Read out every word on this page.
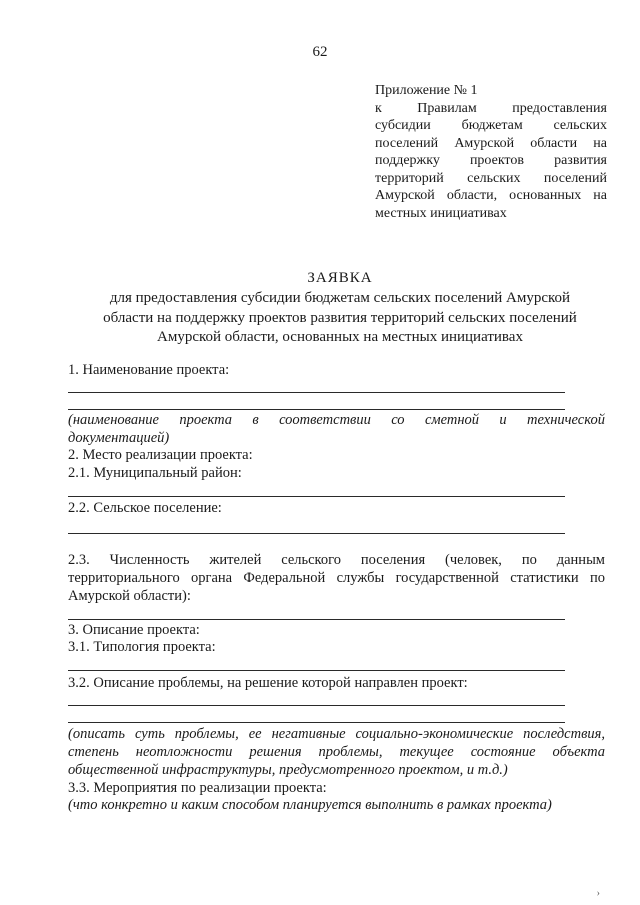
62
Приложение № 1
к	Правилам	предоставления
субсидии бюджетам сельских
поселений Амурской области на
поддержку проектов развития
территорий сельских поселений
Амурской области, основанных на
местных инициативах
ЗАЯВКА
для предоставления субсидии бюджетам сельских поселений Амурской
области на поддержку проектов развития территорий сельских поселений
Амурской области, основанных на местных инициативах
1. Наименование проекта:
(наименование проекта в соответствии со сметной и технической
документацией)
2. Место реализации проекта:
2.1. Муниципальный район:
2.2. Сельское поселение:
2.3. Численность жителей сельского поселения (человек, по данным
территориального органа Федеральной службы государственной статистики по
Амурской области):
3. Описание проекта:
3.1. Типология проекта:
3.2. Описание проблемы, на решение которой направлен проект:
(описать суть проблемы, ее негативные социально-экономические последствия,
степень неотложности решения проблемы, текущее состояние объекта
общественной инфраструктуры, предусмотренного проектом, и т.д.)
3.3. Мероприятия по реализации проекта:
(что конкретно и каким способом планируется выполнить в рамках проекта)
›
